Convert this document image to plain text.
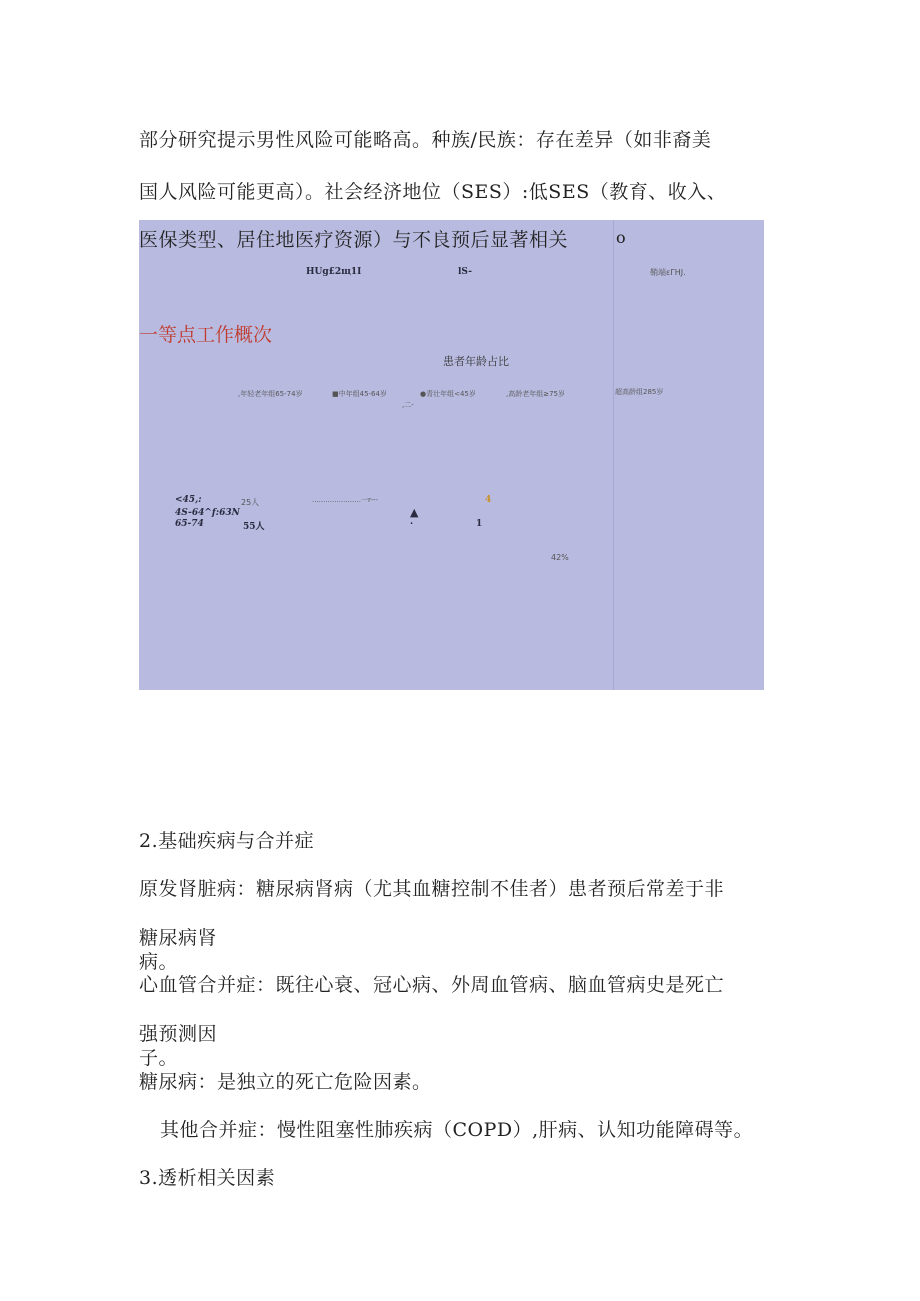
部分研究提示男性风险可能略高。种族/民族：存在差异（如非裔美
国人风险可能更高）。社会经济地位（SES）:低SES（教育、收入、
医保类型、居住地医疗资源）与不良预后显著相关	o
HUg£2щ1I	lS-	鞘端εΓHJ.
一等点工作概次
患者年龄占比
,年轻老年组65-74岁	■中年组45-64岁	●青壮年组<45岁	,高龄老年组≥75岁	超高龄组285岁
,二-
<45,:	25人	......................一r---	4
4S-64^f:63N	▲
65-74	55人	.	1
42%
2.基础疾病与合并症
原发肾脏病：糖尿病肾病（尤其血糖控制不佳者）患者预后常差于非
糖尿病肾
病。
心血管合并症：既往心衰、冠心病、外周血管病、脑血管病史是死亡
强预测因
子。
糖尿病：是独立的死亡危险因素。
其他合并症：慢性阻塞性肺疾病（COPD）,肝病、认知功能障碍等。
3.透析相关因素
